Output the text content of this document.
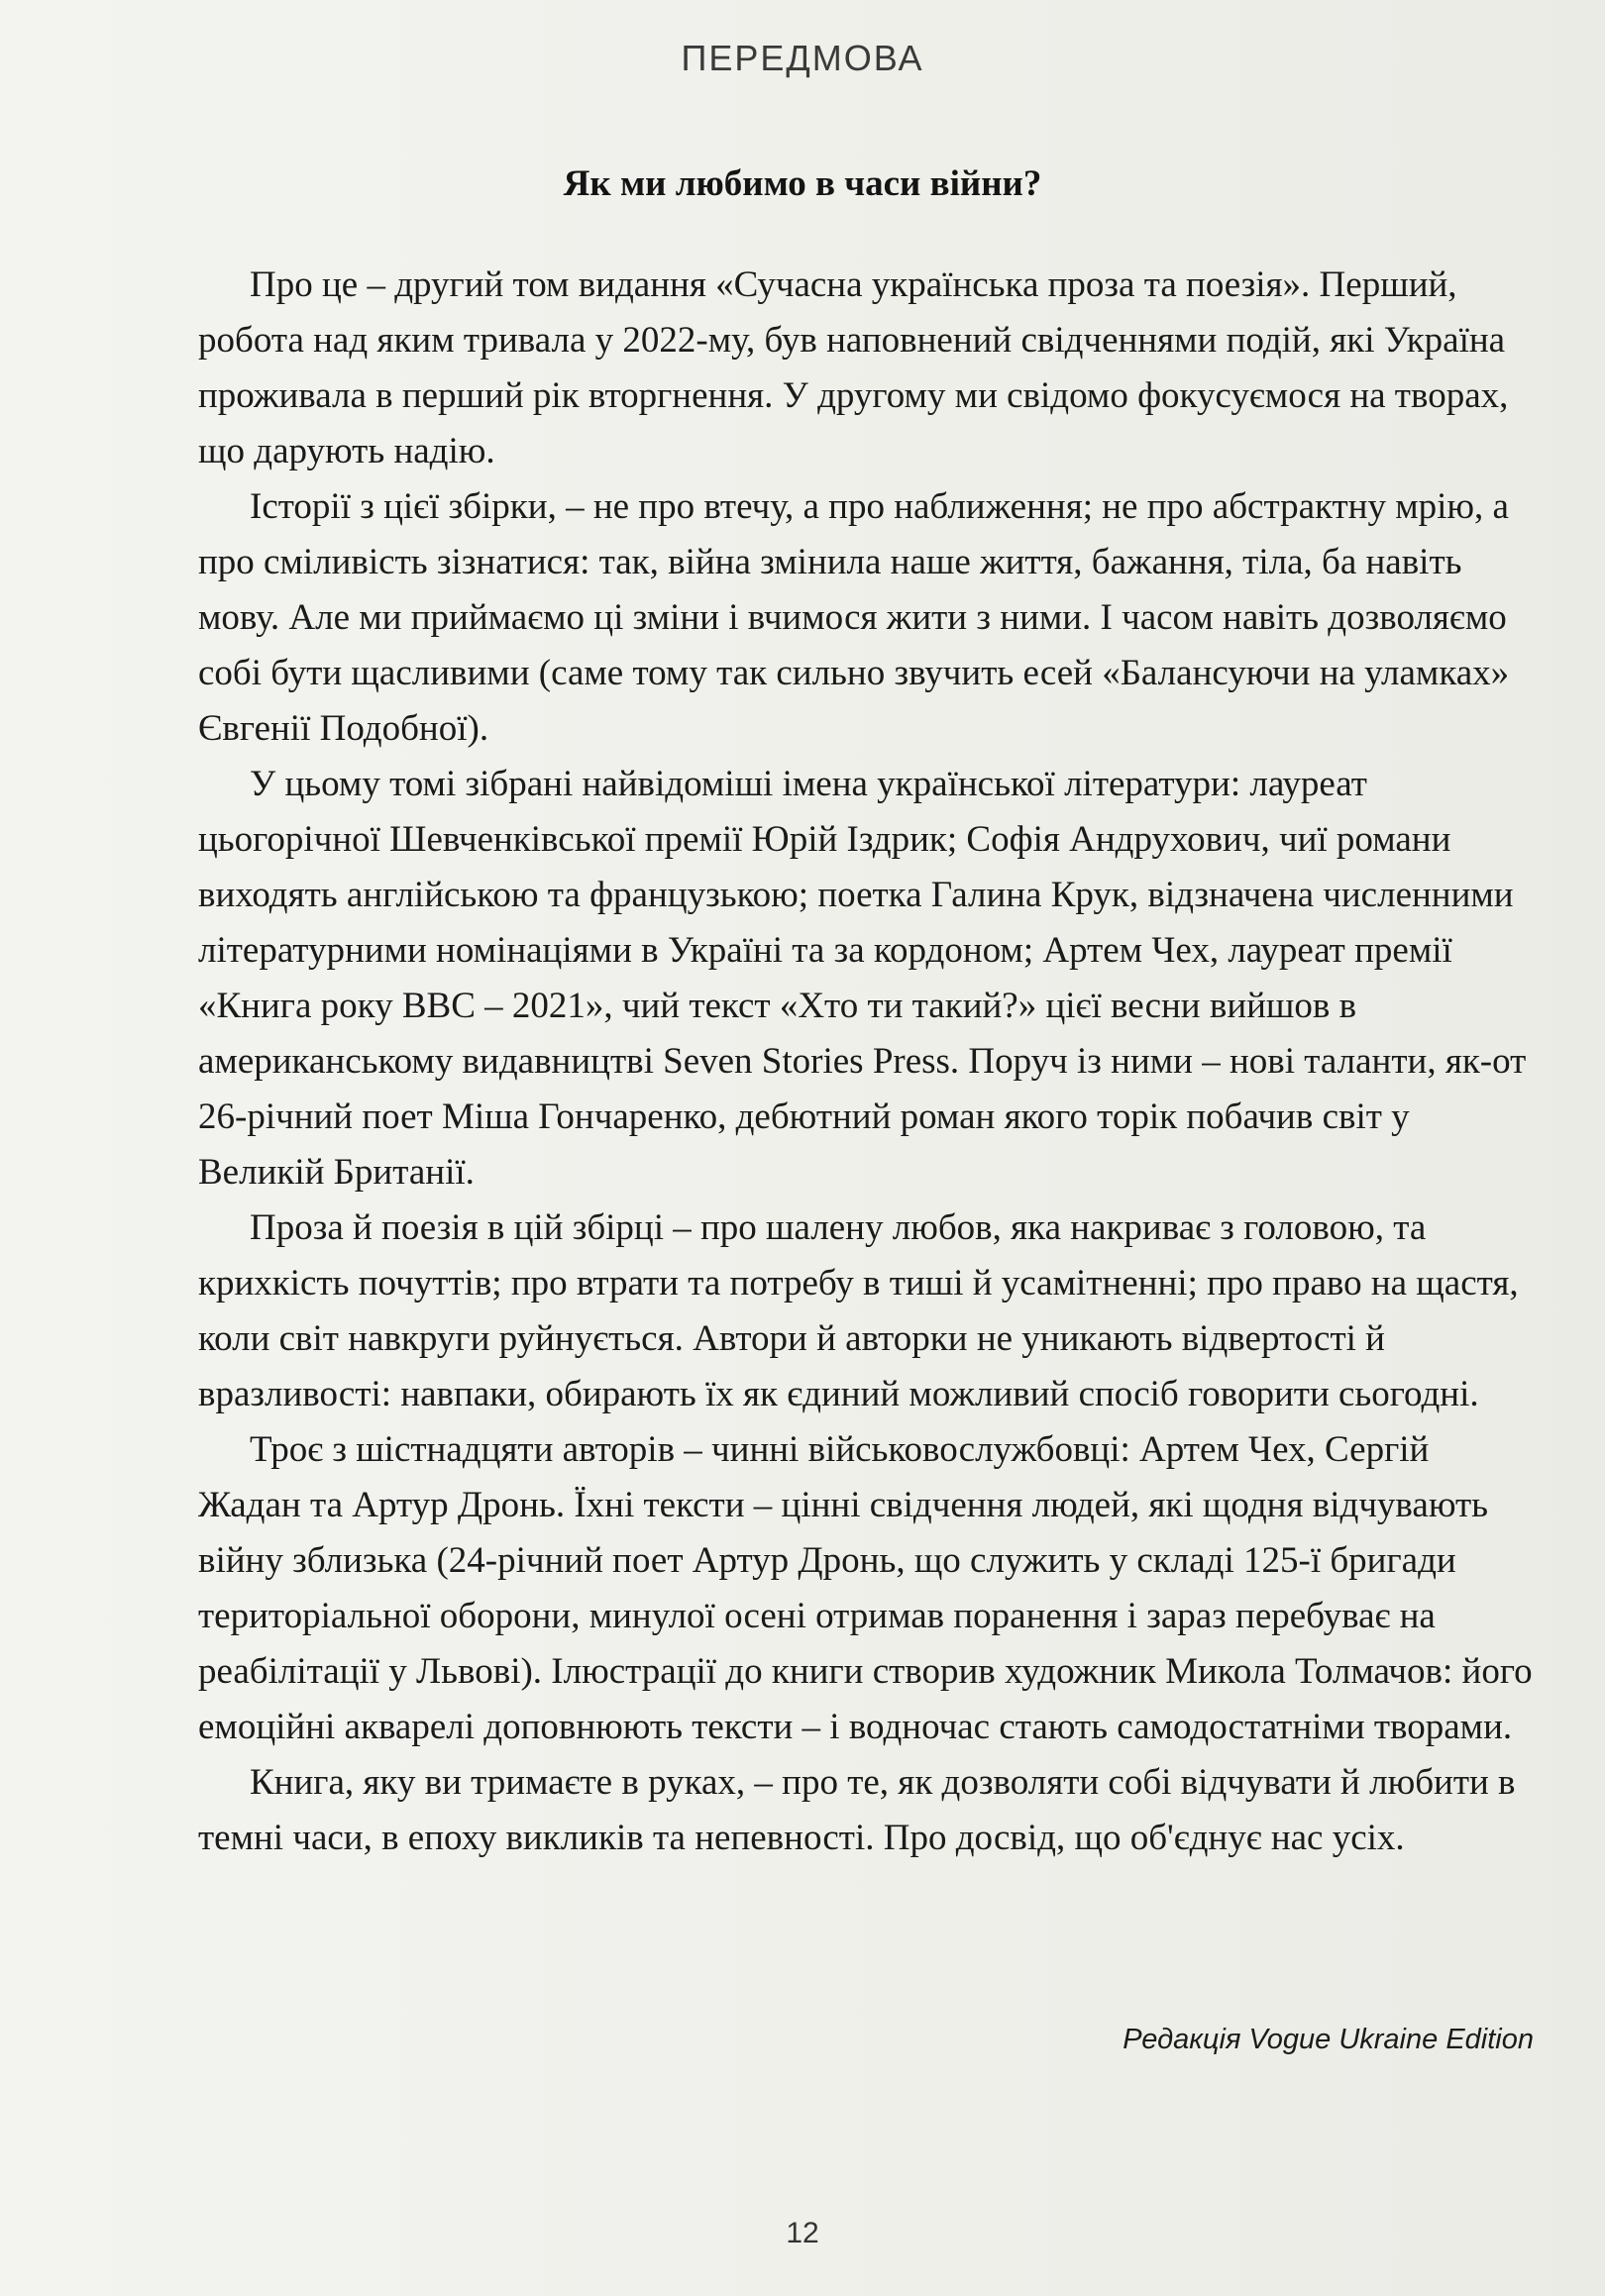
ПЕРЕДМОВА
Як ми любимо в часи війни?

Про це – другий том видання «Сучасна українська проза та поезія». Перший, робота над яким тривала у 2022-му, був наповнений свідченнями подій, які Україна проживала в перший рік вторгнення. У другому ми свідомо фокусуємося на творах, що дарують надію.

Історії з цієї збірки, – не про втечу, а про наближення; не про абстрактну мрію, а про сміливість зізнатися: так, війна змінила наше життя, бажання, тіла, ба навіть мову. Але ми приймаємо ці зміни і вчимося жити з ними. І часом навіть дозволяємо собі бути щасливими (саме тому так сильно звучить есей «Балансуючи на уламках» Євгенії Подобної).

У цьому томі зібрані найвідоміші імена української літератури: лауреат цьогорічної Шевченківської премії Юрій Іздрик; Софія Андрухович, чиї романи виходять англійською та французькою; поетка Галина Крук, відзначена численними літературними номінаціями в Україні та за кордоном; Артем Чех, лауреат премії «Книга року BBC – 2021», чий текст «Хто ти такий?» цієї весни вийшов в американському видавництві Seven Stories Press. Поруч із ними – нові таланти, як-от 26-річний поет Міша Гончаренко, дебютний роман якого торік побачив світ у Великій Британії.

Проза й поезія в цій збірці – про шалену любов, яка накриває з головою, та крихкість почуттів; про втрати та потребу в тиші й усамітненні; про право на щастя, коли світ навкруги руйнується. Автори й авторки не уникають відвертості й вразливості: навпаки, обирають їх як єдиний можливий спосіб говорити сьогодні.

Троє з шістнадцяти авторів – чинні військовослужбовці: Артем Чех, Сергій Жадан та Артур Дронь. Їхні тексти – цінні свідчення людей, які щодня відчувають війну зблизька (24-річний поет Артур Дронь, що служить у складі 125-ї бригади територіальної оборони, минулої осені отримав поранення і зараз перебуває на реабілітації у Львові). Ілюстрації до книги створив художник Микола Толмачов: його емоційні акварелі доповнюють тексти – і водночас стають самодостатніми творами.

Книга, яку ви тримаєте в руках, – про те, як дозволяти собі відчувати й любити в темні часи, в епоху викликів та непевності. Про досвід, що об'єднує нас усіх.

Редакція Vogue Ukraine Edition
12
